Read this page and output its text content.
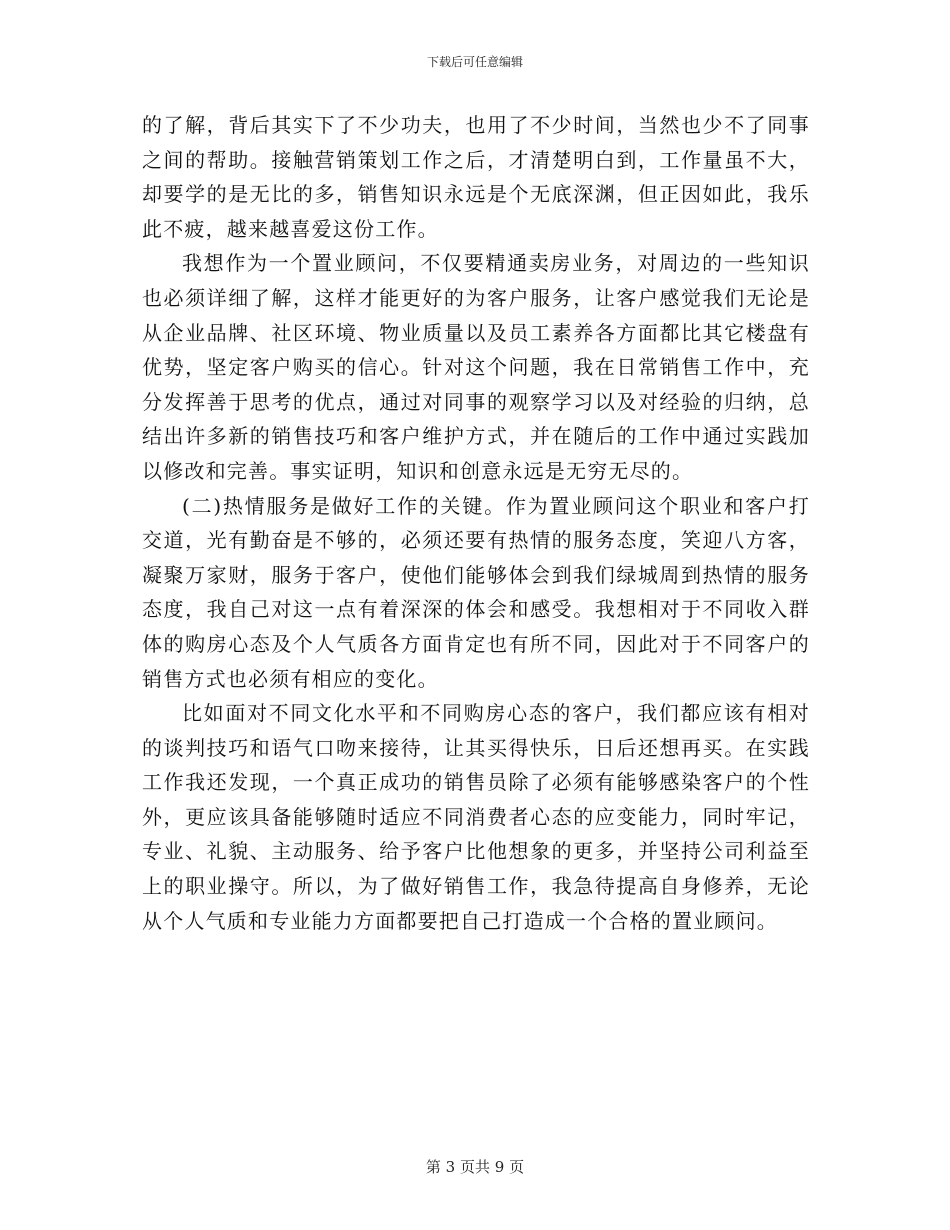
下载后可任意编辑

的了解，背后其实下了不少功夫，也用了不少时间，当然也少不了同事之间的帮助。接触营销策划工作之后，才清楚明白到，工作量虽不大，却要学的是无比的多，销售知识永远是个无底深渊，但正因如此，我乐此不疲，越来越喜爱这份工作。

我想作为一个置业顾问，不仅要精通卖房业务，对周边的一些知识也必须详细了解，这样才能更好的为客户服务，让客户感觉我们无论是从企业品牌、社区环境、物业质量以及员工素养各方面都比其它楼盘有优势，坚定客户购买的信心。针对这个问题，我在日常销售工作中，充分发挥善于思考的优点，通过对同事的观察学习以及对经验的归纳，总结出许多新的销售技巧和客户维护方式，并在随后的工作中通过实践加以修改和完善。事实证明，知识和创意永远是无穷无尽的。

(二)热情服务是做好工作的关键。作为置业顾问这个职业和客户打交道，光有勤奋是不够的，必须还要有热情的服务态度，笑迎八方客，凝聚万家财，服务于客户，使他们能够体会到我们绿城周到热情的服务态度，我自己对这一点有着深深的体会和感受。我想相对于不同收入群体的购房心态及个人气质各方面肯定也有所不同，因此对于不同客户的销售方式也必须有相应的变化。

比如面对不同文化水平和不同购房心态的客户，我们都应该有相对的谈判技巧和语气口吻来接待，让其买得快乐，日后还想再买。在实践工作我还发现，一个真正成功的销售员除了必须有能够感染客户的个性外，更应该具备能够随时适应不同消费者心态的应变能力，同时牢记，专业、礼貌、主动服务、给予客户比他想象的更多，并坚持公司利益至上的职业操守。所以，为了做好销售工作，我急待提高自身修养，无论从个人气质和专业能力方面都要把自己打造成一个合格的置业顾问。

第 3 页共 9 页
